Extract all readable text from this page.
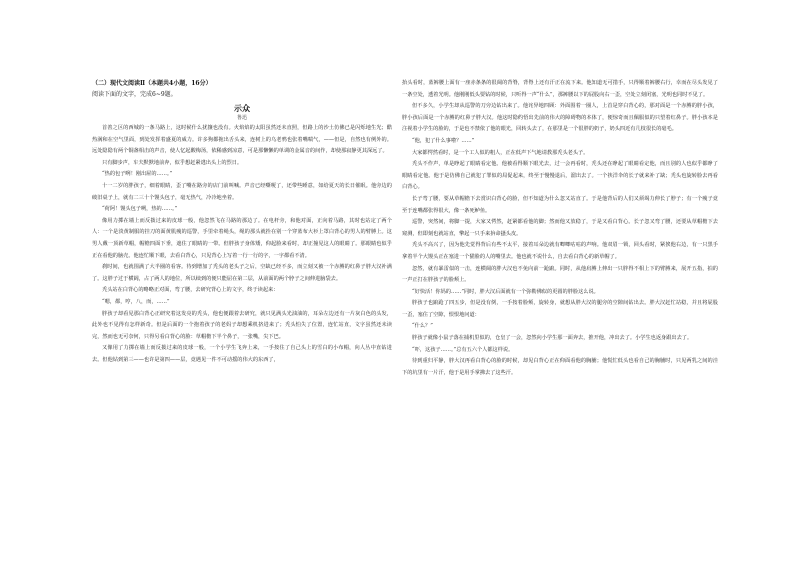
（二）现代文阅读Ⅱ（本题共4小题，16分）
阅读下面的文字，完成6~9题。
示众
鲁迅

首善之区的西城的一条马路上，这时候什么扰攘也没有。火焰焰的太阳虽然还未直照，但路上的沙土仿佛已是闪烁地生光；酷热满和在空气里面，到处发挥着盛夏的威力。许多狗都拖出舌头来，连树上的乌老鸦也张着嘴喘气，——但是，自然也有例外的。远处隐隐有两个铜盏相击的声音，使人忆起酸梅汤，依稀感到凉意，可是那懒懒的单调的金属音的间作，却使那寂静更其深远了。

只有脚步声，车夫默默地前奔，似乎想赶紧逃出头上的烈日。

“热的包子咧！刚出屉的……。”

十一二岁的胖孩子，细着眼睛，歪了嘴在路旁的店门前叫喊。声音已经嘶嗄了，还带些睡意，如给夏天的长日催眠。他旁边的破旧桌子上，就有二三十个馒头包子，毫无热气，冷冷地坐着。

“荷阿！馒头包子咧，热的……。”

像用力掷在墙上而反拨过来的皮球一般，他忽然飞在马路的那边了。在电杆旁，和他对面，正向着马路，其时也站定了两个人：一个是淡黄制服的挂刀的面黄肌瘦的巡警，手里牵着绳头，绳的那头就拴在别一个穿蓝布大衫上罩白背心的男人的臂膊上。这男人戴一顶新草帽，帽檐四面下垂，遮住了眼睛的一带。但胖孩子身体矮，仰起脸来看时，却正撞见这人的眼睛了。那眼睛也似乎正在看他的脑壳。他连忙顺下眼，去看白背心，只见背心上写着一行一行的字，一字都看不清。

刹时间，也就围满了大半圈的看客。待到增加了秃头的老头子之后，空缺已经不多，而立刻又被一个赤膊的红鼻子胖大汉补满了。这胖子过于横阔，占了两人的地位，所以续到的便只能屈在第二层，从前面的两个脖子之间伸进脑袋去。

秃头站在白背心的略略正对面，弯了腰，去研究背心上的文字，终于读起来：

“嗯，都，哼，八，而，……”

胖孩子却看见那白背心正研究着这发亮的秃头，他也便跟着去研究，就只见满头光油油的，耳朵左边还有一片灰白色的头发，此外也不见得有怎样新奇。但是后面的一个抱着孩子的老妈子却想乘机挤进来了；秃头怕失了位置，连忙站直，文字虽然还未读完，然而也无可奈何，只得另看白背心的脸：草帽檐下半个鼻子，一张嘴，尖下巴。

又像用了力掷在墙上而反拨过来的皮球一般，一个小学生飞奔上来，一手按住了自己头上的雪白的小布帽，向人丛中直钻进去。但他钻到第三——也许是第四——层，竟遇见一件不可动摇的伟大的东西了，

抬头看时，蓝裤腰上面有一座赤条条的很阔的背脊，背脊上还有汗正在流下来。他知道无可措手，只得顺着裤腰右行，幸而在尽头发见了一条空处，透着光明。他刚刚低头要钻的时候，只听得一声“什么”，那裤腰以下的屁股向右一歪，空处立刻闭塞，光明也同时不见了。

但不多久，小学生却从巡警的刀旁边钻出来了。他诧异地四顾：外面围着一圈人，上首是穿白背心的，那对面是一个赤膊的胖小孩，胖小孩后面是一个赤膊的红鼻子胖大汉。他这时隐约悟出先前的伟大的障碍物的本体了，便惊奇而且佩服似的只望着红鼻子。胖小孩本是注视着小学生的脸的，于是也不禁依了他的眼光，回转头去了，在那里是一个很胖的奶子，奶头四近有几枝很长的毫毛。

“他，犯了什么事啦？……”

大家都愕然看时，是一个工人似的粗人，正在低声下气地请教那秃头老头子。

秃头不作声，单是睁起了眼睛看定他。他被看得顺下眼光去，过一会再看时，秃头还在睁起了眼睛看定他，而且别的人也似乎都睁了眼睛看定他。他于是仿佛自己就犯了罪似的局促起来，终至于慢慢退后，溜出去了。一个挟洋伞的长子就来补了缺；秃头也旋转脸去再看白背心。

长子弯了腰，要从草帽檐下去赏识白背心的脸，但不知道为什么忽又站直了。于是他背后的人们又须竭力伸长了脖子；有一个瘦子竟至于连嘴都张得很大，像一条死鲈鱼。

巡警，突然间，将脚一提，大家又愕然，赶紧都看他的脚；然而他又放稳了，于是又看白背心。长子忽又弯了腰，还要从草帽檐下去窥测，但即刻也就站直，擎起一只手来拚命搔头皮。

秃头不高兴了，因为他先觉得背后有些不太平，接着耳朵边就有唧唧咕咕的声响。他双眉一锁，回头看时，紧挨他右边，有一只黑手拿着半个大馒头正在塞进一个猫脸的人的嘴里去。他也就不说什么，自去看白背心的新草帽了。

忽然，就有暴雷似的一击，连横阔的胖大汉也不免向前一跄踉。同时，从他肩膊上伸出一只胖得不相上下的臂膊来，展开五指，拍的一声正打在胖孩子的脸颊上。

“好快活！你妈的……”同时，胖大汉后面就有一个弥勒佛似的更圆的胖脸这么说。

胖孩子也踉跄了四五步，但是没有倒，一手按着脸颊，旋转身，就想从胖大汉的腿旁的空隙间钻出去。胖大汉赶忙站稳，并且将屁股一歪，塞住了空隙，恨恨地问道：

“什么？”

胖孩子就像小鼠子落在捕机里似的，仓皇了一会，忽然向小学生那一面奔去，推开他，冲出去了。小学生也返身跟出去了。

“吓，这孩子……。”总有五六个人都这样说。

待到重归平静，胖大汉再看白背心的脸的时候，却见白背心正在仰面看他的胸脯；他慌忙低头也看自己的胸脯时，只见两乳之间的洼下的坑里有一片汗，他于是用手掌拂去了这些汗。
